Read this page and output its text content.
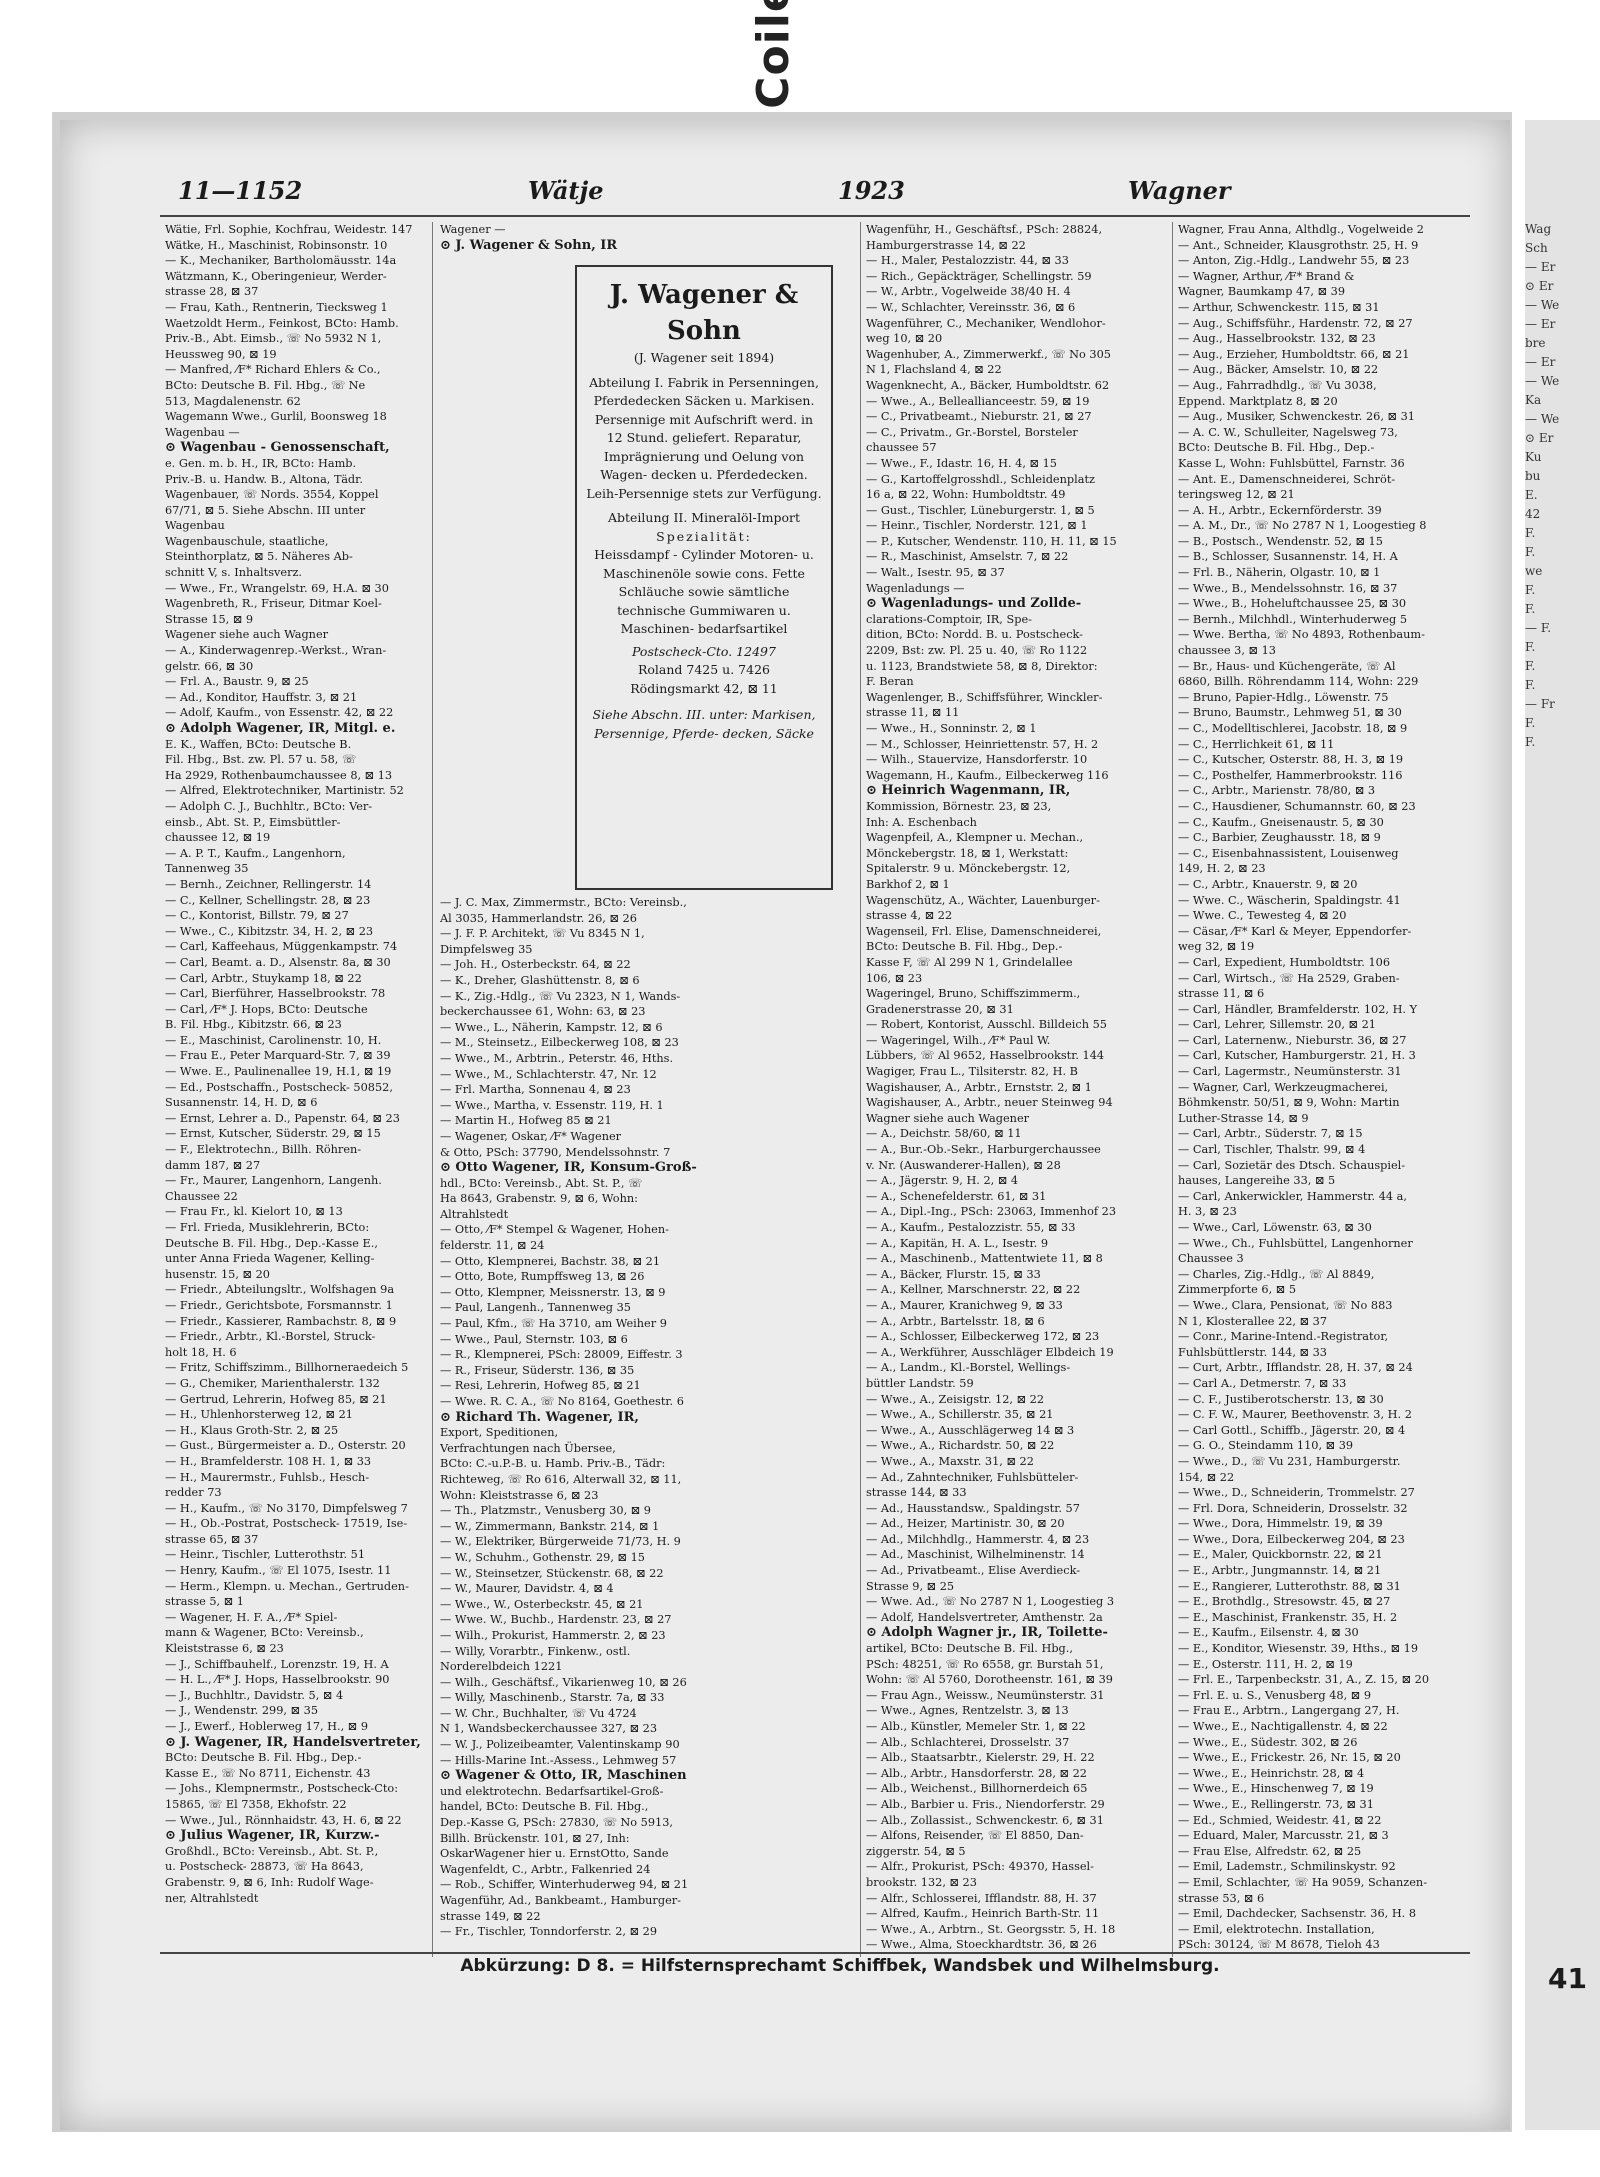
Wag
Sch
— Er
⊙ Er
— We
— Er
bre
— Er
— We
Ka
— We
⊙ Er
Ku
bu
E.
42
F.
F.
we
F.
F.
— F.
F.
F.
F.
— Fr
F.
F.
11—1152	Wätje	1923	Wagner
Wätie, Frl. Sophie, Kochfrau, Weidestr. 147
Wätke, H., Maschinist, Robinsonstr. 10
— K., Mechaniker, Bartholomäusstr. 14a
Wätzmann, K., Oberingenieur, Werder-
strasse 28, ⊠ 37
— Frau, Kath., Rentnerin, Tiecksweg 1
Waetzoldt Herm., Feinkost, BCto: Hamb.
Priv.-B., Abt. Eimsb., ☏ No 5932 N 1,
Heussweg 90, ⊠ 19
— Manfred, ⁄F* Richard Ehlers & Co.,
BCto: Deutsche B. Fil. Hbg., ☏ Ne
513, Magdalenenstr. 62
Wagemann Wwe., Gurlil, Boonsweg 18
Wagenbau —
⊙ Wagenbau - Genossenschaft,
e. Gen. m. b. H., IR, BCto: Hamb.
Priv.-B. u. Handw. B., Altona, Tädr.
Wagenbauer, ☏ Nords. 3554, Koppel
67/71, ⊠ 5. Siehe Abschn. III unter
Wagenbau
Wagenbauschule, staatliche,
Steinthorplatz, ⊠ 5. Näheres Ab-
schnitt V, s. Inhaltsverz.
— Wwe., Fr., Wrangelstr. 69, H.A. ⊠ 30
Wagenbreth, R., Friseur, Ditmar Koel-
Strasse 15, ⊠ 9
Wagener siehe auch Wagner
— A., Kinderwagenrep.-Werkst., Wran-
gelstr. 66, ⊠ 30
— Frl. A., Baustr. 9, ⊠ 25
— Ad., Konditor, Hauffstr. 3, ⊠ 21
— Adolf, Kaufm., von Essenstr. 42, ⊠ 22
⊙ Adolph Wagener, IR, Mitgl. e.
E. K., Waffen, BCto: Deutsche B.
Fil. Hbg., Bst. zw. Pl. 57 u. 58, ☏
Ha 2929, Rothenbaumchaussee 8, ⊠ 13
— Alfred, Elektrotechniker, Martinistr. 52
— Adolph C. J., Buchhltr., BCto: Ver-
einsb., Abt. St. P., Eimsbüttler-
chaussee 12, ⊠ 19
— A. P. T., Kaufm., Langenhorn,
Tannenweg 35
— Bernh., Zeichner, Rellingerstr. 14
— C., Kellner, Schellingstr. 28, ⊠ 23
— C., Kontorist, Billstr. 79, ⊠ 27
— Wwe., C., Kibitzstr. 34, H. 2, ⊠ 23
— Carl, Kaffeehaus, Müggenkampstr. 74
— Carl, Beamt. a. D., Alsenstr. 8a, ⊠ 30
— Carl, Arbtr., Stuykamp 18, ⊠ 22
— Carl, Bierführer, Hasselbrookstr. 78
— Carl, ⁄F* J. Hops, BCto: Deutsche
B. Fil. Hbg., Kibitzstr. 66, ⊠ 23
— E., Maschinist, Carolinenstr. 10, H.
— Frau E., Peter Marquard-Str. 7, ⊠ 39
— Wwe. E., Paulinenallee 19, H.1, ⊠ 19
— Ed., Postschaffn., Postscheck- 50852,
Susannenstr. 14, H. D, ⊠ 6
— Ernst, Lehrer a. D., Papenstr. 64, ⊠ 23
— Ernst, Kutscher, Süderstr. 29, ⊠ 15
— F., Elektrotechn., Billh. Röhren-
damm 187, ⊠ 27
— Fr., Maurer, Langenhorn, Langenh.
Chaussee 22
— Frau Fr., kl. Kielort 10, ⊠ 13
— Frl. Frieda, Musiklehrerin, BCto:
Deutsche B. Fil. Hbg., Dep.-Kasse E.,
unter Anna Frieda Wagener, Kelling-
husenstr. 15, ⊠ 20
— Friedr., Abteilungsltr., Wolfshagen 9a
— Friedr., Gerichtsbote, Forsmannstr. 1
— Friedr., Kassierer, Rambachstr. 8, ⊠ 9
— Friedr., Arbtr., Kl.-Borstel, Struck-
holt 18, H. 6
— Fritz, Schiffszimm., Billhorneraedeich 5
— G., Chemiker, Marienthalerstr. 132
— Gertrud, Lehrerin, Hofweg 85, ⊠ 21
— H., Uhlenhorsterweg 12, ⊠ 21
— H., Klaus Groth-Str. 2, ⊠ 25
— Gust., Bürgermeister a. D., Osterstr. 20
— H., Bramfelderstr. 108 H. 1, ⊠ 33
— H., Maurermstr., Fuhlsb., Hesch-
redder 73
— H., Kaufm., ☏ No 3170, Dimpfelsweg 7
— H., Ob.-Postrat, Postscheck- 17519, Ise-
strasse 65, ⊠ 37
— Heinr., Tischler, Lutterothstr. 51
— Henry, Kaufm., ☏ El 1075, Isestr. 11
— Herm., Klempn. u. Mechan., Gertruden-
strasse 5, ⊠ 1
— Wagener, H. F. A., ⁄F* Spiel-
mann & Wagener, BCto: Vereinsb.,
Kleiststrasse 6, ⊠ 23
— J., Schiffbauhelf., Lorenzstr. 19, H. A
— H. L., ⁄F* J. Hops, Hasselbrookstr. 90
— J., Buchhltr., Davidstr. 5, ⊠ 4
— J., Wendenstr. 299, ⊠ 35
— J., Ewerf., Hoblerweg 17, H., ⊠ 9
⊙ J. Wagener, IR, Handelsvertreter,
BCto: Deutsche B. Fil. Hbg., Dep.-
Kasse E., ☏ No 8711, Eichenstr. 43
— Johs., Klempnermstr., Postscheck-Cto:
15865, ☏ El 7358, Ekhofstr. 22
— Wwe., Jul., Rönnhaidstr. 43, H. 6, ⊠ 22
⊙ Julius Wagener, IR, Kurzw.-
Großhdl., BCto: Vereinsb., Abt. St. P.,
u. Postscheck- 28873, ☏ Ha 8643,
Grabenstr. 9, ⊠ 6, Inh: Rudolf Wage-
ner, Altrahlstedt
Wagener —
⊙ J. Wagener & Sohn, IR
— J. C. Max, Zimmermstr., BCto: Vereinsb.,
Al 3035, Hammerlandstr. 26, ⊠ 26
— J. F. P. Architekt, ☏ Vu 8345 N 1,
Dimpfelsweg 35
— Joh. H., Osterbeckstr. 64, ⊠ 22
— K., Dreher, Glashüttenstr. 8, ⊠ 6
— K., Zig.-Hdlg., ☏ Vu 2323, N 1, Wands-
beckerchaussee 61, Wohn: 63, ⊠ 23
— Wwe., L., Näherin, Kampstr. 12, ⊠ 6
— M., Steinsetz., Eilbeckerweg 108, ⊠ 23
— Wwe., M., Arbtrin., Peterstr. 46, Hths.
— Wwe., M., Schlachterstr. 47, Nr. 12
— Frl. Martha, Sonnenau 4, ⊠ 23
— Wwe., Martha, v. Essenstr. 119, H. 1
— Martin H., Hofweg 85 ⊠ 21
— Wagener, Oskar, ⁄F* Wagener
& Otto, PSch: 37790, Mendelssohnstr. 7
⊙ Otto Wagener, IR, Konsum-Groß-
hdl., BCto: Vereinsb., Abt. St. P., ☏
Ha 8643, Grabenstr. 9, ⊠ 6, Wohn:
Altrahlstedt
— Otto, ⁄F* Stempel & Wagener, Hohen-
felderstr. 11, ⊠ 24
— Otto, Klempnerei, Bachstr. 38, ⊠ 21
— Otto, Bote, Rumpffsweg 13, ⊠ 26
— Otto, Klempner, Meissnerstr. 13, ⊠ 9
— Paul, Langenh., Tannenweg 35
— Paul, Kfm., ☏ Ha 3710, am Weiher 9
— Wwe., Paul, Sternstr. 103, ⊠ 6
— R., Klempnerei, PSch: 28009, Eiffestr. 3
— R., Friseur, Süderstr. 136, ⊠ 35
— Resi, Lehrerin, Hofweg 85, ⊠ 21
— Wwe. R. C. A., ☏ No 8164, Goethestr. 6
⊙ Richard Th. Wagener, IR,
Export, Speditionen,
Verfrachtungen nach Übersee,
BCto: C.-u.P.-B. u. Hamb. Priv.-B., Tädr:
Richteweg, ☏ Ro 616, Alterwall 32, ⊠ 11,
Wohn: Kleiststrasse 6, ⊠ 23
— Th., Platzmstr., Venusberg 30, ⊠ 9
— W., Zimmermann, Bankstr. 214, ⊠ 1
— W., Elektriker, Bürgerweide 71/73, H. 9
— W., Schuhm., Gothenstr. 29, ⊠ 15
— W., Steinsetzer, Stückenstr. 68, ⊠ 22
— W., Maurer, Davidstr. 4, ⊠ 4
— Wwe., W., Osterbeckstr. 45, ⊠ 21
— Wwe. W., Buchb., Hardenstr. 23, ⊠ 27
— Wilh., Prokurist, Hammerstr. 2, ⊠ 23
— Willy, Vorarbtr., Finkenw., ostl.
Norderelbdeich 1221
— Wilh., Geschäftsf., Vikarienweg 10, ⊠ 26
— Willy, Maschinenb., Starstr. 7a, ⊠ 33
— W. Chr., Buchhalter, ☏ Vu 4724
N 1, Wandsbeckerchaussee 327, ⊠ 23
— W. J., Polizeibeamter, Valentinskamp 90
— Hills-Marine Int.-Assess., Lehmweg 57
⊙ Wagener & Otto, IR, Maschinen
und elektrotechn. Bedarfsartikel-Groß-
handel, BCto: Deutsche B. Fil. Hbg.,
Dep.-Kasse G, PSch: 27830, ☏ No 5913,
Billh. Brückenstr. 101, ⊠ 27, Inh:
OskarWagener hier u. ErnstOtto, Sande
Wagenfeldt, C., Arbtr., Falkenried 24
— Rob., Schiffer, Winterhuderweg 94, ⊠ 21
Wagenführ, Ad., Bankbeamt., Hamburger-
strasse 149, ⊠ 22
— Fr., Tischler, Tonndorferstr. 2, ⊠ 29
J. Wagener & Sohn
(J. Wagener seit 1894)
Abteilung I. Fabrik in Persenningen, Pferdedecken Säcken u. Markisen. Persennige mit Aufschrift werd. in 12 Stund. geliefert. Reparatur, Imprägnierung und Oelung von Wagen- decken u. Pferdedecken. Leih-Persennige stets zur Verfügung.
Abteilung II. Mineralöl-Import
Spezialität:
Heissdampf - Cylinder Motoren- u. Maschinenöle sowie cons. Fette Schläuche sowie sämtliche technische Gummiwaren u. Maschinen- bedarfsartikel
Postscheck-Cto. 12497
Roland 7425 u. 7426
Rödingsmarkt 42, ⊠ 11
Siehe Abschn. III. unter: Markisen, Persennige, Pferde- decken, Säcke
Wagenführ, H., Geschäftsf., PSch: 28824,
Hamburgerstrasse 14, ⊠ 22
— H., Maler, Pestalozzistr. 44, ⊠ 33
— Rich., Gepäckträger, Schellingstr. 59
— W., Arbtr., Vogelweide 38/40 H. 4
— W., Schlachter, Vereinsstr. 36, ⊠ 6
Wagenführer, C., Mechaniker, Wendlohor-
weg 10, ⊠ 20
Wagenhuber, A., Zimmerwerkf., ☏ No 305
N 1, Flachsland 4, ⊠ 22
Wagenknecht, A., Bäcker, Humboldtstr. 62
— Wwe., A., Belleallianceestr. 59, ⊠ 19
— C., Privatbeamt., Nieburstr. 21, ⊠ 27
— C., Privatm., Gr.-Borstel, Borsteler
chaussee 57
— Wwe., F., Idastr. 16, H. 4, ⊠ 15
— G., Kartoffelgrosshdl., Schleidenplatz
16 a, ⊠ 22, Wohn: Humboldtstr. 49
— Gust., Tischler, Lüneburgerstr. 1, ⊠ 5
— Heinr., Tischler, Norderstr. 121, ⊠ 1
— P., Kutscher, Wendenstr. 110, H. 11, ⊠ 15
— R., Maschinist, Amselstr. 7, ⊠ 22
— Walt., Isestr. 95, ⊠ 37
Wagenladungs —
⊙ Wagenladungs- und Zollde-
clarations-Comptoir, IR, Spe-
dition, BCto: Nordd. B. u. Postscheck-
2209, Bst: zw. Pl. 25 u. 40, ☏ Ro 1122
u. 1123, Brandstwiete 58, ⊠ 8, Direktor:
F. Beran
Wagenlenger, B., Schiffsführer, Winckler-
strasse 11, ⊠ 11
— Wwe., H., Sonninstr. 2, ⊠ 1
— M., Schlosser, Heinriettenstr. 57, H. 2
— Wilh., Stauervize, Hansdorferstr. 10
Wagemann, H., Kaufm., Eilbeckerweg 116
⊙ Heinrich Wagenmann, IR,
Kommission, Börnestr. 23, ⊠ 23,
Inh: A. Eschenbach
Wagenpfeil, A., Klempner u. Mechan.,
Mönckebergstr. 18, ⊠ 1, Werkstatt:
Spitalerstr. 9 u. Mönckebergstr. 12,
Barkhof 2, ⊠ 1
Wagenschütz, A., Wächter, Lauenburger-
strasse 4, ⊠ 22
Wagenseil, Frl. Elise, Damenschneiderei,
BCto: Deutsche B. Fil. Hbg., Dep.-
Kasse F, ☏ Al 299 N 1, Grindelallee
106, ⊠ 23
Wageringel, Bruno, Schiffszimmerm.,
Gradenerstrasse 20, ⊠ 31
— Robert, Kontorist, Ausschl. Billdeich 55
— Wageringel, Wilh., ⁄F* Paul W.
Lübbers, ☏ Al 9652, Hasselbrookstr. 144
Wagiger, Frau L., Tilsiterstr. 82, H. B
Wagishauser, A., Arbtr., Ernststr. 2, ⊠ 1
Wagishauser, A., Arbtr., neuer Steinweg 94
Wagner siehe auch Wagener
— A., Deichstr. 58/60, ⊠ 11
— A., Bur.-Ob.-Sekr., Harburgerchaussee
v. Nr. (Auswanderer-Hallen), ⊠ 28
— A., Jägerstr. 9, H. 2, ⊠ 4
— A., Schenefelderstr. 61, ⊠ 31
— A., Dipl.-Ing., PSch: 23063, Immenhof 23
— A., Kaufm., Pestalozzistr. 55, ⊠ 33
— A., Kapitän, H. A. L., Isestr. 9
— A., Maschinenb., Mattentwiete 11, ⊠ 8
— A., Bäcker, Flurstr. 15, ⊠ 33
— A., Kellner, Marschnerstr. 22, ⊠ 22
— A., Maurer, Kranichweg 9, ⊠ 33
— A., Arbtr., Bartelsstr. 18, ⊠ 6
— A., Schlosser, Eilbeckerweg 172, ⊠ 23
— A., Werkführer, Ausschläger Elbdeich 19
— A., Landm., Kl.-Borstel, Wellings-
büttler Landstr. 59
— Wwe., A., Zeisigstr. 12, ⊠ 22
— Wwe., A., Schillerstr. 35, ⊠ 21
— Wwe., A., Ausschlägerweg 14 ⊠ 3
— Wwe., A., Richardstr. 50, ⊠ 22
— Wwe., A., Maxstr. 31, ⊠ 22
— Ad., Zahntechniker, Fuhlsbütteler-
strasse 144, ⊠ 33
— Ad., Hausstandsw., Spaldingstr. 57
— Ad., Heizer, Martinistr. 30, ⊠ 20
— Ad., Milchhdlg., Hammerstr. 4, ⊠ 23
— Ad., Maschinist, Wilhelminenstr. 14
— Ad., Privatbeamt., Elise Averdieck-
Strasse 9, ⊠ 25
— Wwe. Ad., ☏ No 2787 N 1, Loogestieg 3
— Adolf, Handelsvertreter, Amthenstr. 2a
⊙ Adolph Wagner jr., IR, Toilette-
artikel, BCto: Deutsche B. Fil. Hbg.,
PSch: 48251, ☏ Ro 6558, gr. Burstah 51,
Wohn: ☏ Al 5760, Dorotheenstr. 161, ⊠ 39
— Frau Agn., Weissw., Neumünsterstr. 31
— Wwe., Agnes, Rentzelstr. 3, ⊠ 13
— Alb., Künstler, Memeler Str. 1, ⊠ 22
— Alb., Schlachterei, Drosselstr. 37
— Alb., Staatsarbtr., Kielerstr. 29, H. 22
— Alb., Arbtr., Hansdorferstr. 28, ⊠ 22
— Alb., Weichenst., Billhornerdeich 65
— Alb., Barbier u. Fris., Niendorferstr. 29
— Alb., Zollassist., Schwenckestr. 6, ⊠ 31
— Alfons, Reisender, ☏ El 8850, Dan-
ziggerstr. 54, ⊠ 5
— Alfr., Prokurist, PSch: 49370, Hassel-
brookstr. 132, ⊠ 23
— Alfr., Schlosserei, Ifflandstr. 88, H. 37
— Alfred, Kaufm., Heinrich Barth-Str. 11
— Wwe., A., Arbtrn., St. Georgsstr. 5, H. 18
— Wwe., Alma, Stoeckhardtstr. 36, ⊠ 26
Wagner, Frau Anna, Althdlg., Vogelweide 2
— Ant., Schneider, Klausgrothstr. 25, H. 9
— Anton, Zig.-Hdlg., Landwehr 55, ⊠ 23
— Wagner, Arthur, ⁄F* Brand &
Wagner, Baumkamp 47, ⊠ 39
— Arthur, Schwenckestr. 115, ⊠ 31
— Aug., Schiffsführ., Hardenstr. 72, ⊠ 27
— Aug., Hasselbrookstr. 132, ⊠ 23
— Aug., Erzieher, Humboldtstr. 66, ⊠ 21
— Aug., Bäcker, Amselstr. 10, ⊠ 22
— Aug., Fahrradhdlg., ☏ Vu 3038,
Eppend. Marktplatz 8, ⊠ 20
— Aug., Musiker, Schwenckestr. 26, ⊠ 31
— A. C. W., Schulleiter, Nagelsweg 73,
BCto: Deutsche B. Fil. Hbg., Dep.-
Kasse L, Wohn: Fuhlsbüttel, Farnstr. 36
— Ant. E., Damenschneiderei, Schröt-
teringsweg 12, ⊠ 21
— A. H., Arbtr., Eckernförderstr. 39
— A. M., Dr., ☏ No 2787 N 1, Loogestieg 8
— B., Postsch., Wendenstr. 52, ⊠ 15
— B., Schlosser, Susannenstr. 14, H. A
— Frl. B., Näherin, Olgastr. 10, ⊠ 1
— Wwe., B., Mendelssohnstr. 16, ⊠ 37
— Wwe., B., Hoheluftchaussee 25, ⊠ 30
— Bernh., Milchhdl., Winterhuderweg 5
— Wwe. Bertha, ☏ No 4893, Rothenbaum-
chaussee 3, ⊠ 13
— Br., Haus- und Küchengeräte, ☏ Al
6860, Billh. Röhrendamm 114, Wohn: 229
— Bruno, Papier-Hdlg., Löwenstr. 75
— Bruno, Baumstr., Lehmweg 51, ⊠ 30
— C., Modelltischlerei, Jacobstr. 18, ⊠ 9
— C., Herrlichkeit 61, ⊠ 11
— C., Kutscher, Osterstr. 88, H. 3, ⊠ 19
— C., Posthelfer, Hammerbrookstr. 116
— C., Arbtr., Marienstr. 78/80, ⊠ 3
— C., Hausdiener, Schumannstr. 60, ⊠ 23
— C., Kaufm., Gneisenaustr. 5, ⊠ 30
— C., Barbier, Zeughausstr. 18, ⊠ 9
— C., Eisenbahnassistent, Louisenweg
149, H. 2, ⊠ 23
— C., Arbtr., Knauerstr. 9, ⊠ 20
— Wwe. C., Wäscherin, Spaldingstr. 41
— Wwe. C., Tewesteg 4, ⊠ 20
— Cäsar, ⁄F* Karl & Meyer, Eppendorfer-
weg 32, ⊠ 19
— Carl, Expedient, Humboldtstr. 106
— Carl, Wirtsch., ☏ Ha 2529, Graben-
strasse 11, ⊠ 6
— Carl, Händler, Bramfelderstr. 102, H. Y
— Carl, Lehrer, Sillemstr. 20, ⊠ 21
— Carl, Laternenw., Nieburstr. 36, ⊠ 27
— Carl, Kutscher, Hamburgerstr. 21, H. 3
— Carl, Lagermstr., Neumünsterstr. 31
— Wagner, Carl, Werkzeugmacherei,
Böhmkenstr. 50/51, ⊠ 9, Wohn: Martin
Luther-Strasse 14, ⊠ 9
— Carl, Arbtr., Süderstr. 7, ⊠ 15
— Carl, Tischler, Thalstr. 99, ⊠ 4
— Carl, Sozietär des Dtsch. Schauspiel-
hauses, Langereihe 33, ⊠ 5
— Carl, Ankerwickler, Hammerstr. 44 a,
H. 3, ⊠ 23
— Wwe., Carl, Löwenstr. 63, ⊠ 30
— Wwe., Ch., Fuhlsbüttel, Langenhorner
Chaussee 3
— Charles, Zig.-Hdlg., ☏ Al 8849,
Zimmerpforte 6, ⊠ 5
— Wwe., Clara, Pensionat, ☏ No 883
N 1, Klosterallee 22, ⊠ 37
— Conr., Marine-Intend.-Registrator,
Fuhlsbüttlerstr. 144, ⊠ 33
— Curt, Arbtr., Ifflandstr. 28, H. 37, ⊠ 24
— Carl A., Detmerstr. 7, ⊠ 33
— C. F., Justiberotscherstr. 13, ⊠ 30
— C. F. W., Maurer, Beethovenstr. 3, H. 2
— Carl Gottl., Schiffb., Jägerstr. 20, ⊠ 4
— G. O., Steindamm 110, ⊠ 39
— Wwe., D., ☏ Vu 231, Hamburgerstr.
154, ⊠ 22
— Wwe., D., Schneiderin, Trommelstr. 27
— Frl. Dora, Schneiderin, Drosselstr. 32
— Wwe., Dora, Himmelstr. 19, ⊠ 39
— Wwe., Dora, Eilbeckerweg 204, ⊠ 23
— E., Maler, Quickbornstr. 22, ⊠ 21
— E., Arbtr., Jungmannstr. 14, ⊠ 21
— E., Rangierer, Lutterothstr. 88, ⊠ 31
— E., Brothdlg., Stresowstr. 45, ⊠ 27
— E., Maschinist, Frankenstr. 35, H. 2
— E., Kaufm., Eilsenstr. 4, ⊠ 30
— E., Konditor, Wiesenstr. 39, Hths., ⊠ 19
— E., Osterstr. 111, H. 2, ⊠ 19
— Frl. E., Tarpenbeckstr. 31, A., Z. 15, ⊠ 20
— Frl. E. u. S., Venusberg 48, ⊠ 9
— Frau E., Arbtrn., Langergang 27, H.
— Wwe., E., Nachtigallenstr. 4, ⊠ 22
— Wwe., E., Südestr. 302, ⊠ 26
— Wwe., E., Frickestr. 26, Nr. 15, ⊠ 20
— Wwe., E., Heinrichstr. 28, ⊠ 4
— Wwe., E., Hinschenweg 7, ⊠ 19
— Wwe., E., Rellingerstr. 73, ⊠ 31
— Ed., Schmied, Weidestr. 41, ⊠ 22
— Eduard, Maler, Marcusstr. 21, ⊠ 3
— Frau Else, Alfredstr. 62, ⊠ 25
— Emil, Lademstr., Schmilinskystr. 92
— Emil, Schlachter, ☏ Ha 9059, Schanzen-
strasse 53, ⊠ 6
— Emil, Dachdecker, Sachsenstr. 36, H. 8
— Emil, elektrotechn. Installation,
PSch: 30124, ☏ M 8678, Tieloh 43
Abkürzung: D 8. = Hilfsternsprechamt Schiffbek, Wandsbek und Wilhelmsburg.	41
